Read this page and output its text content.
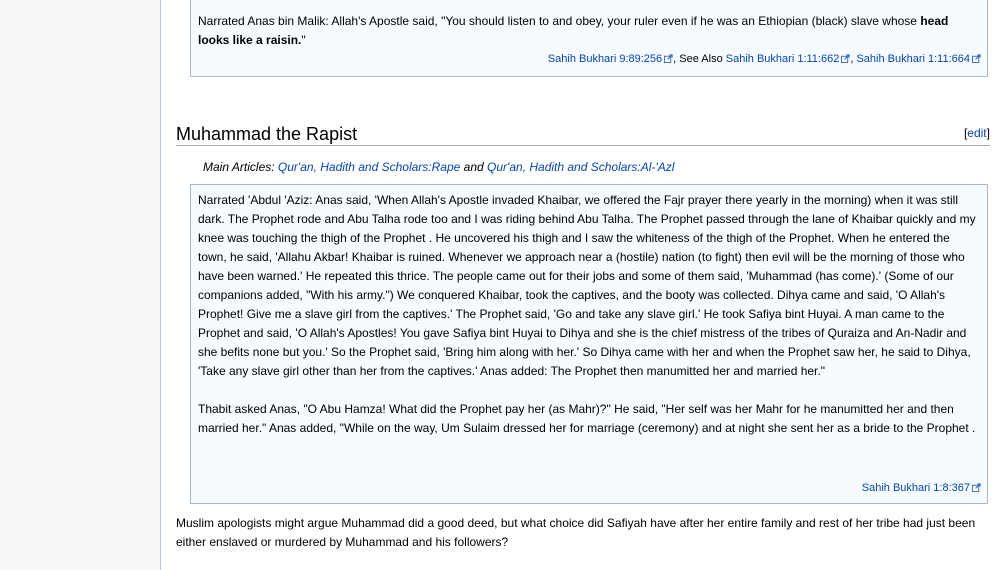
Narrated Anas bin Malik: Allah's Apostle said, "You should listen to and obey, your ruler even if he was an Ethiopian (black) slave whose head looks like a raisin."

Sahih Bukhari 9:89:256 , See Also Sahih Bukhari 1:11:662 , Sahih Bukhari 1:11:664
Muhammad the Rapist	[edit]
Main Articles: Qur'an, Hadith and Scholars:Rape and Qur'an, Hadith and Scholars:Al-'Azl

Narrated 'Abdul 'Aziz: Anas said, 'When Allah's Apostle invaded Khaibar, we offered the Fajr prayer there yearly in the morning) when it was still dark. The Prophet rode and Abu Talha rode too and I was riding behind Abu Talha. The Prophet passed through the lane of Khaibar quickly and my knee was touching the thigh of the Prophet . He uncovered his thigh and I saw the whiteness of the thigh of the Prophet. When he entered the town, he said, 'Allahu Akbar! Khaibar is ruined. Whenever we approach near a (hostile) nation (to fight) then evil will be the morning of those who have been warned.' He repeated this thrice. The people came out for their jobs and some of them said, 'Muhammad (has come).' (Some of our companions added, "With his army.") We conquered Khaibar, took the captives, and the booty was collected. Dihya came and said, 'O Allah's Prophet! Give me a slave girl from the captives.' The Prophet said, 'Go and take any slave girl.' He took Safiya bint Huyai. A man came to the Prophet and said, 'O Allah's Apostles! You gave Safiya bint Huyai to Dihya and she is the chief mistress of the tribes of Quraiza and An-Nadir and she befits none but you.' So the Prophet said, 'Bring him along with her.' So Dihya came with her and when the Prophet saw her, he said to Dihya, 'Take any slave girl other than her from the captives.' Anas added: The Prophet then manumitted her and married her."

Thabit asked Anas, "O Abu Hamza! What did the Prophet pay her (as Mahr)?" He said, "Her self was her Mahr for he manumitted her and then married her." Anas added, "While on the way, Um Sulaim dressed her for marriage (ceremony) and at night she sent her as a bride to the Prophet .

Sahih Bukhari 1:8:367

Muslim apologists might argue Muhammad did a good deed, but what choice did Safiyah have after her entire family and rest of her tribe had just been either enslaved or murdered by Muhammad and his followers?
